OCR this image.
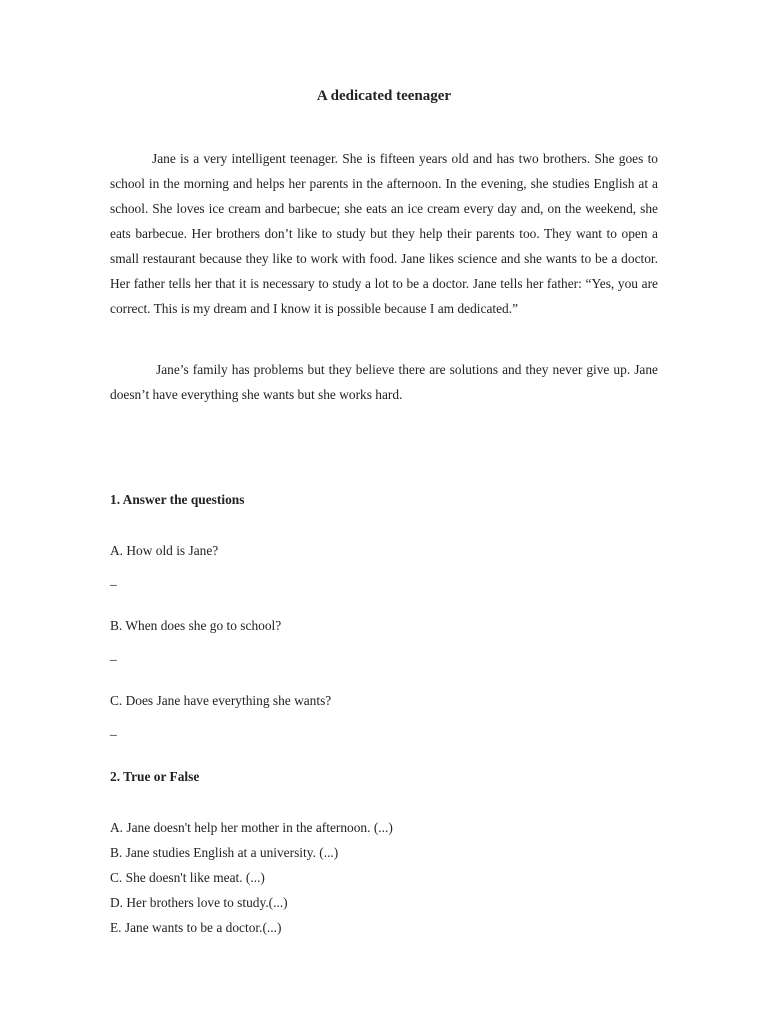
A dedicated teenager

Jane is a very intelligent teenager. She is fifteen years old and has two brothers. She goes to school in the morning and helps her parents in the afternoon. In the evening, she studies English at a school. She loves ice cream and barbecue; she eats an ice cream every day and, on the weekend, she eats barbecue. Her brothers don’t like to study but they help their parents too. They want to open a small restaurant because they like to work with food. Jane likes science and she wants to be a doctor. Her father tells her that it is necessary to study a lot to be a doctor. Jane tells her father: “Yes, you are correct. This is my dream and I know it is possible because I am dedicated.”

Jane’s family has problems but they believe there are solutions and they never give up. Jane doesn’t have everything she wants but she works hard.

1. Answer the questions

A. How old is Jane?

_

B. When does she go to school?

_

C. Does Jane have everything she wants?

_

2. True or False

A. Jane doesn't help her mother in the afternoon. (...)

B. Jane studies English at a university. (...)

C. She doesn't like meat. (...)

D. Her brothers love to study.(...)

E. Jane wants to be a doctor.(...)
